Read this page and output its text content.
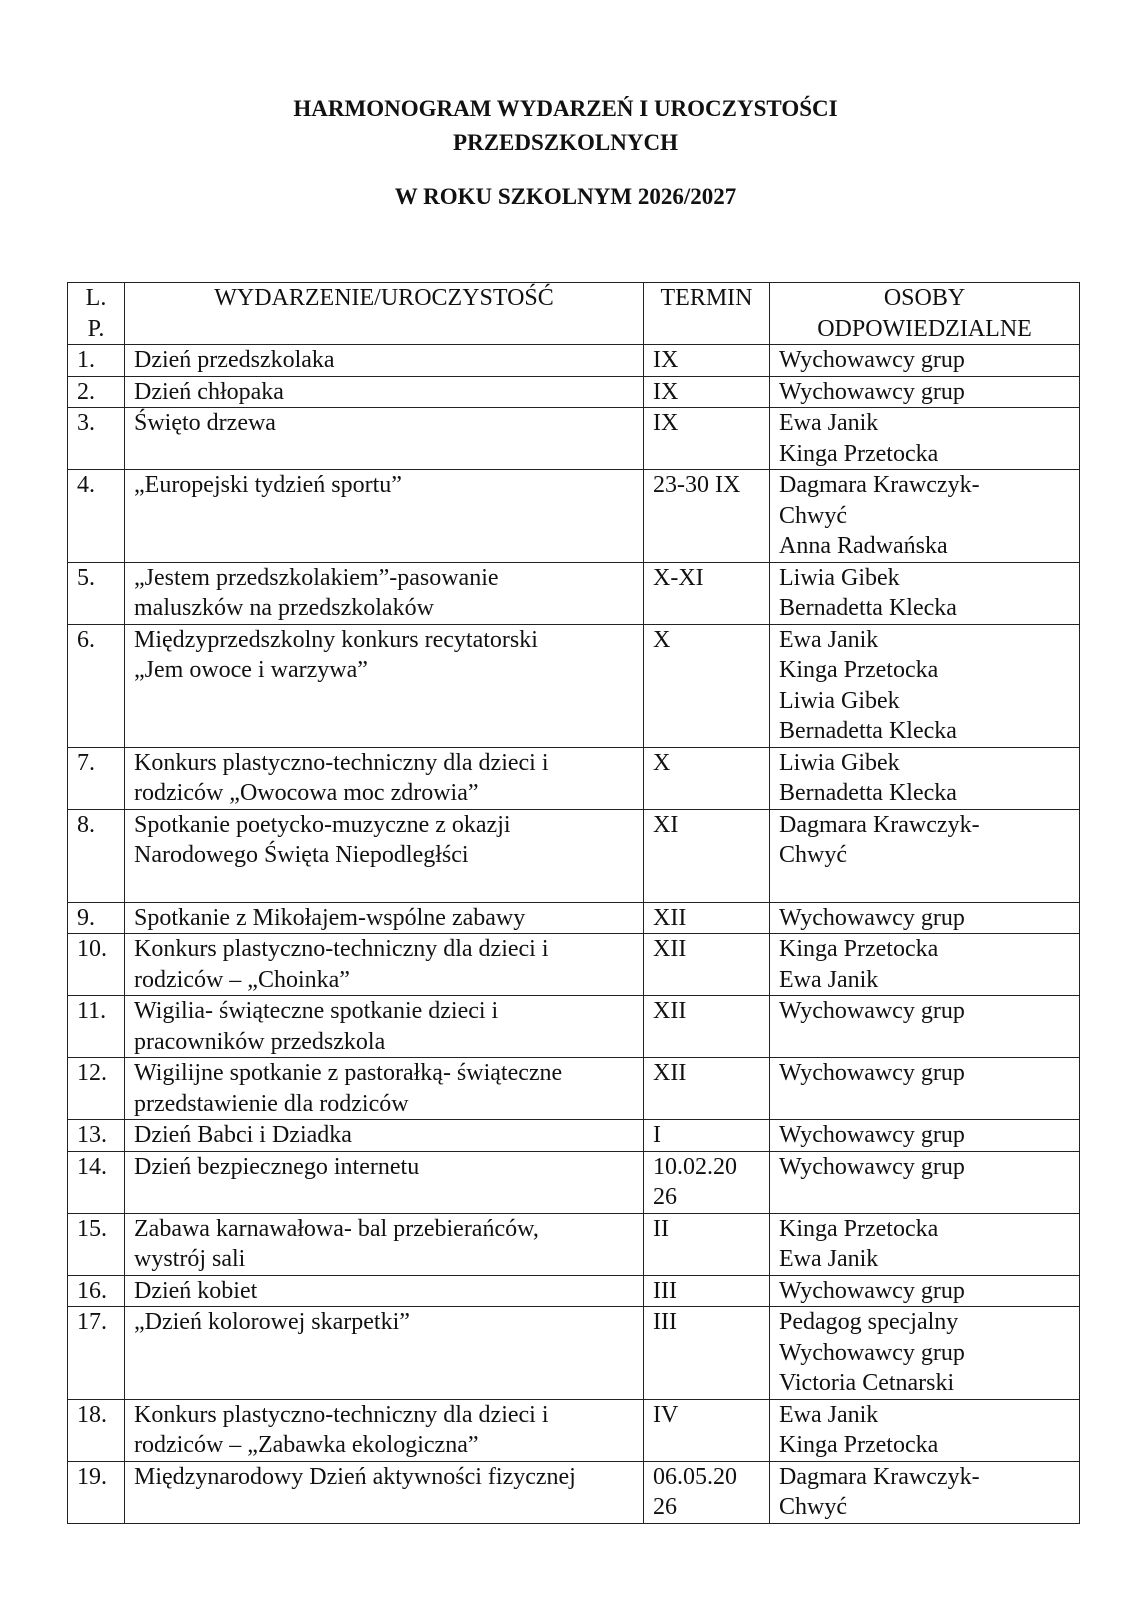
HARMONOGRAM WYDARZEŃ I UROCZYSTOŚCI
PRZEDSZKOLNYCH
W ROKU SZKOLNYM 2026/2027
L.
P.	WYDARZENIE/UROCZYSTOŚĆ	TERMIN	OSOBY
ODPOWIEDZIALNE

1.	Dzień przedszkolaka	IX	Wychowawcy grup

2.	Dzień chłopaka	IX	Wychowawcy grup

3.	Święto drzewa	IX	Ewa Janik
Kinga Przetocka

4.	„Europejski tydzień sportu”	23-30 IX	Dagmara Krawczyk-
Chwyć
Anna Radwańska

5.	„Jestem przedszkolakiem”-pasowanie
maluszków na przedszkolaków	X-XI	Liwia Gibek
Bernadetta Klecka

6.	Międzyprzedszkolny konkurs recytatorski
„Jem owoce i warzywa”	X	Ewa Janik
Kinga Przetocka
Liwia Gibek
Bernadetta Klecka

7.	Konkurs plastyczno-techniczny dla dzieci i
rodziców „Owocowa moc zdrowia”	X	Liwia Gibek
Bernadetta Klecka

8.	Spotkanie poetycko-muzyczne z okazji
Narodowego Święta Niepodległści	XI	Dagmara Krawczyk-
Chwyć

9.	Spotkanie z Mikołajem-wspólne zabawy	XII	Wychowawcy grup

10.	Konkurs plastyczno-techniczny dla dzieci i
rodziców – „Choinka”	XII	Kinga Przetocka
Ewa Janik

11.	Wigilia- świąteczne spotkanie dzieci i
pracowników przedszkola	XII	Wychowawcy grup

12.	Wigilijne spotkanie z pastorałką- świąteczne
przedstawienie dla rodziców	XII	Wychowawcy grup

13.	Dzień Babci i Dziadka	I	Wychowawcy grup

14.	Dzień bezpiecznego internetu	10.02.20
26	Wychowawcy grup

15.	Zabawa karnawałowa- bal przebierańców,
wystrój sali	II	Kinga Przetocka
Ewa Janik

16.	Dzień kobiet	III	Wychowawcy grup

17.	„Dzień kolorowej skarpetki”	III	Pedagog specjalny
Wychowawcy grup
Victoria Cetnarski

18.	Konkurs plastyczno-techniczny dla dzieci i
rodziców – „Zabawka ekologiczna”	IV	Ewa Janik
Kinga Przetocka

19.	Międzynarodowy Dzień aktywności fizycznej	06.05.20
26	Dagmara Krawczyk-
Chwyć
